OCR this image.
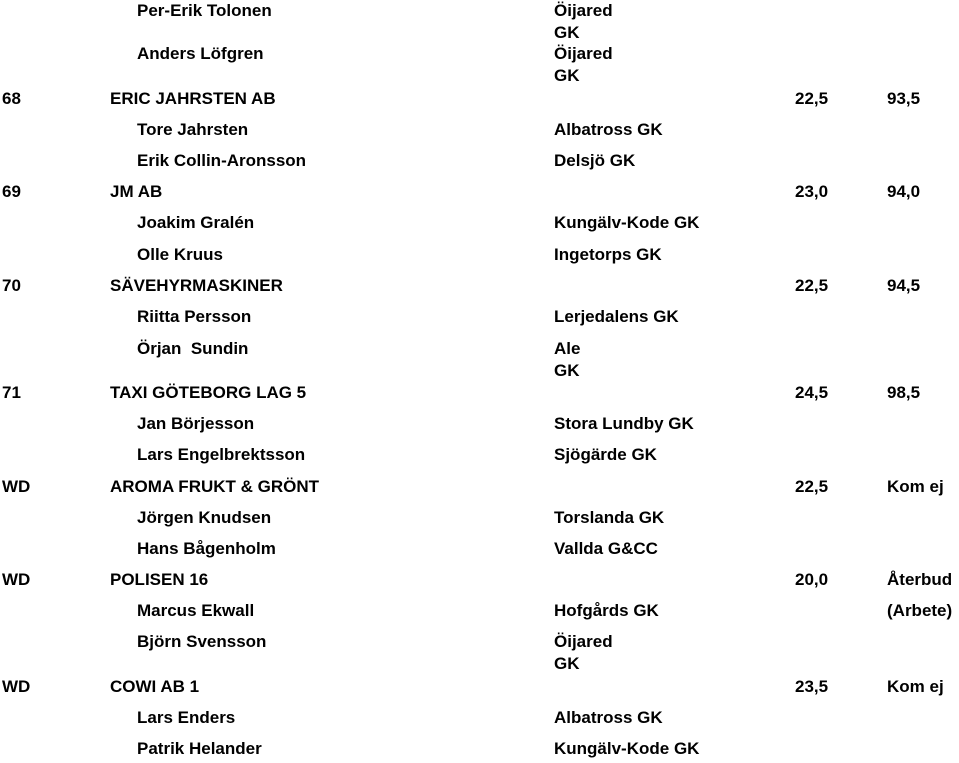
Per-Erik Tolonen	Öijared
GK
Anders Löfgren	Öijared
GK
68	ERIC JAHRSTEN AB	22,5	93,5
Tore Jahrsten	Albatross GK
Erik Collin-Aronsson	Delsjö GK
69	JM AB	23,0	94,0
Joakim Gralén	Kungälv-Kode GK
Olle Kruus	Ingetorps GK
70	SÄVEHYRMASKINER	22,5	94,5
Riitta Persson	Lerjedalens GK
Örjan  Sundin	Ale
GK
71	TAXI GÖTEBORG LAG 5	24,5	98,5
Jan Börjesson	Stora Lundby GK
Lars Engelbrektsson	Sjögärde GK
WD	AROMA FRUKT & GRÖNT	22,5	Kom ej
Jörgen Knudsen	Torslanda GK
Hans Bågenholm	Vallda G&CC
WD	POLISEN 16	20,0	Återbud
Marcus Ekwall	Hofgårds GK	(Arbete)
Björn Svensson	Öijared
GK
WD	COWI AB 1	23,5	Kom ej
Lars Enders	Albatross GK
Patrik Helander	Kungälv-Kode GK
